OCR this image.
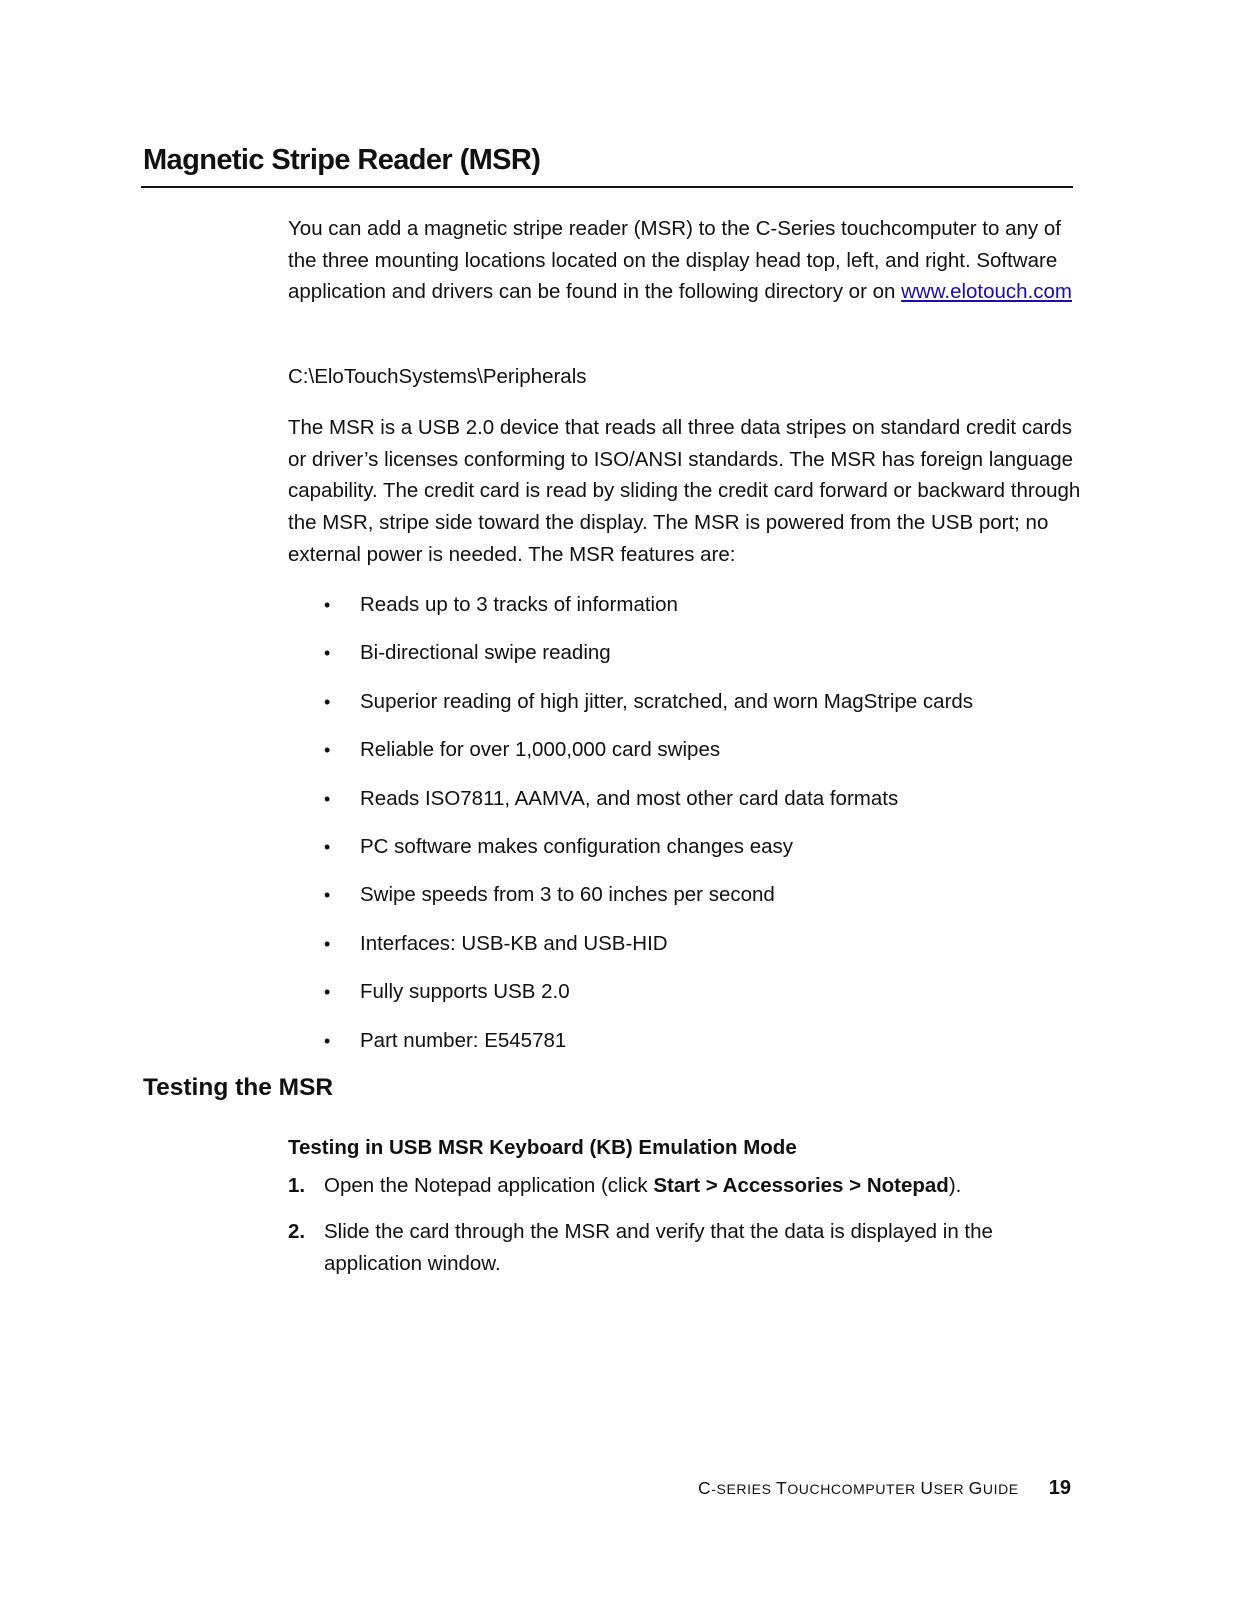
Magnetic Stripe Reader (MSR)

You can add a magnetic stripe reader (MSR) to the C-Series touchcomputer to any of the three mounting locations located on the display head top, left, and right. Software application and drivers can be found in the following directory or on www.elotouch.com

C:\EloTouchSystems\Peripherals

The MSR is a USB 2.0 device that reads all three data stripes on standard credit cards or driver’s licenses conforming to ISO/ANSI standards. The MSR has foreign language capability. The credit card is read by sliding the credit card forward or backward through the MSR, stripe side toward the display. The MSR is powered from the USB port; no external power is needed. The MSR features are:

• Reads up to 3 tracks of information
• Bi-directional swipe reading
• Superior reading of high jitter, scratched, and worn MagStripe cards
• Reliable for over 1,000,000 card swipes
• Reads ISO7811, AAMVA, and most other card data formats
• PC software makes configuration changes easy
• Swipe speeds from 3 to 60 inches per second
• Interfaces: USB-KB and USB-HID
• Fully supports USB 2.0
• Part number: E545781
Testing the MSR
Testing in USB MSR Keyboard (KB) Emulation Mode
1. Open the Notepad application (click Start > Accessories > Notepad).
2. Slide the card through the MSR and verify that the data is displayed in the application window.
C-SERIES TOUCHCOMPUTER USER GUIDE 19
